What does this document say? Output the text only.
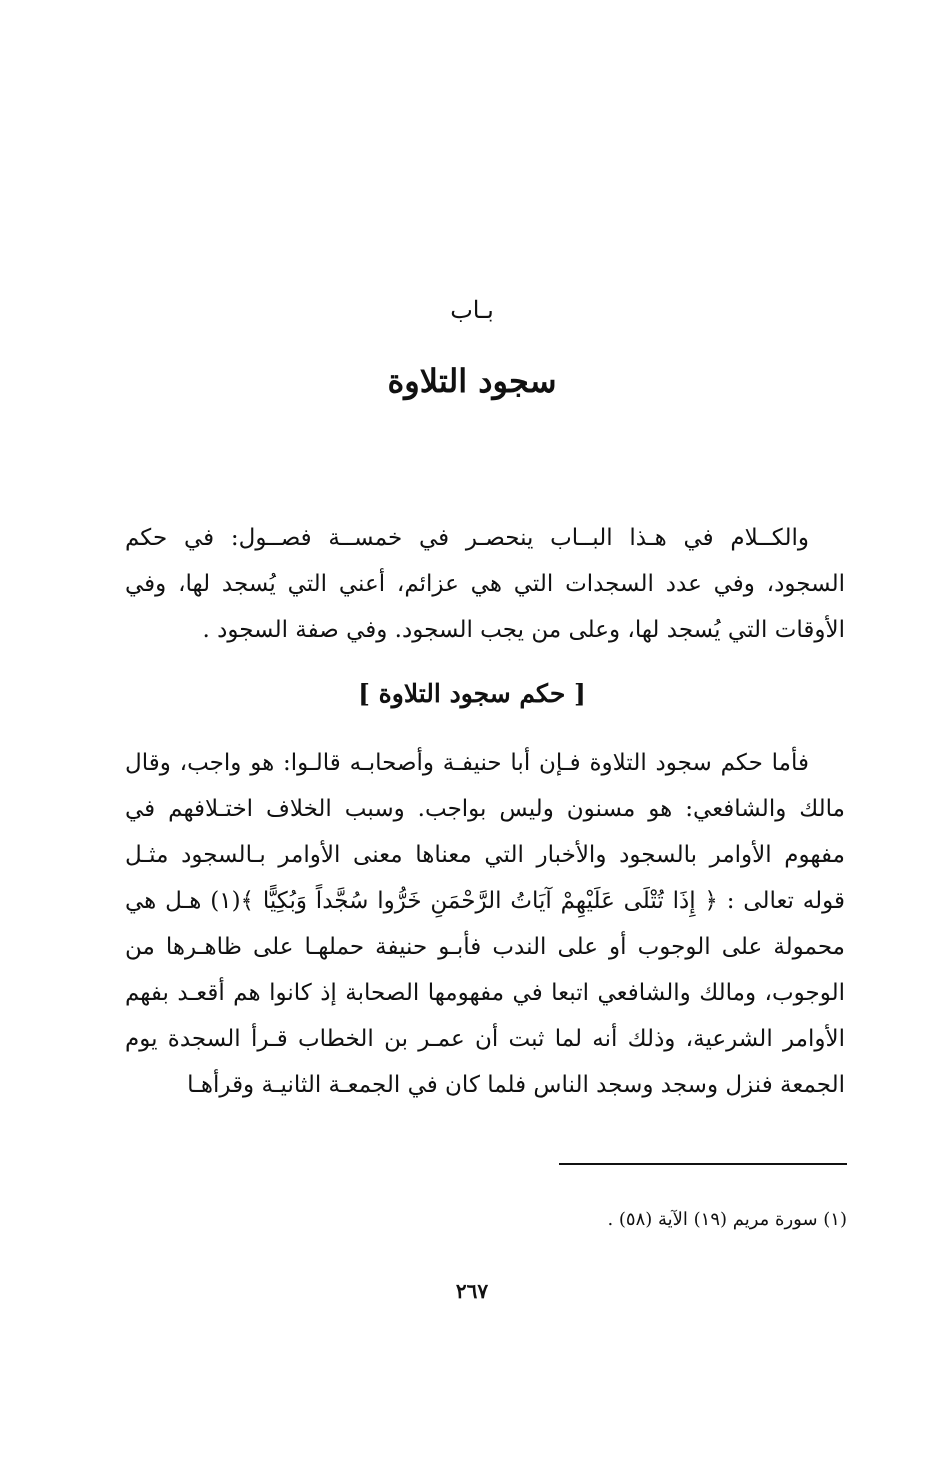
بـاب
سجود التلاوة

والكــلام في هـذا البــاب ينحصـر في خمســة فصــول: في حكم السجود، وفي عدد السجدات التي هي عزائم، أعني التي يُسجد لها، وفي الأوقات التي يُسجد لها، وعلى من يجب السجود. وفي صفة السجود .

[ حكم سجود التلاوة ]

فأما حكم سجود التلاوة فـإن أبا حنيفـة وأصحابـه قالـوا: هو واجب، وقال مالك والشافعي: هو مسنون وليس بواجب. وسبب الخلاف اختـلافهم في مفهوم الأوامر بالسجود والأخبار التي معناها معنى الأوامر بـالسجود مثـل قوله تعالى : ﴿ إِذَا تُتْلَى عَلَيْهِمْ آيَاتُ الرَّحْمَنِ خَرُّوا سُجَّداً وَبُكِيًّا ﴾(١) هـل هي محمولة على الوجوب أو على الندب فأبـو حنيفة حملهـا على ظاهـرها من الوجوب، ومالك والشافعي اتبعا في مفهومها الصحابة إذ كانوا هم أقعـد بفهم الأوامر الشرعية، وذلك أنه لما ثبت أن عمـر بن الخطاب قـرأ السجدة يوم الجمعة فنزل وسجد وسجد الناس فلما كان في الجمعـة الثانيـة وقرأهـا

(١) سورة مريم (١٩) الآية (٥٨) .
٢٦٧
